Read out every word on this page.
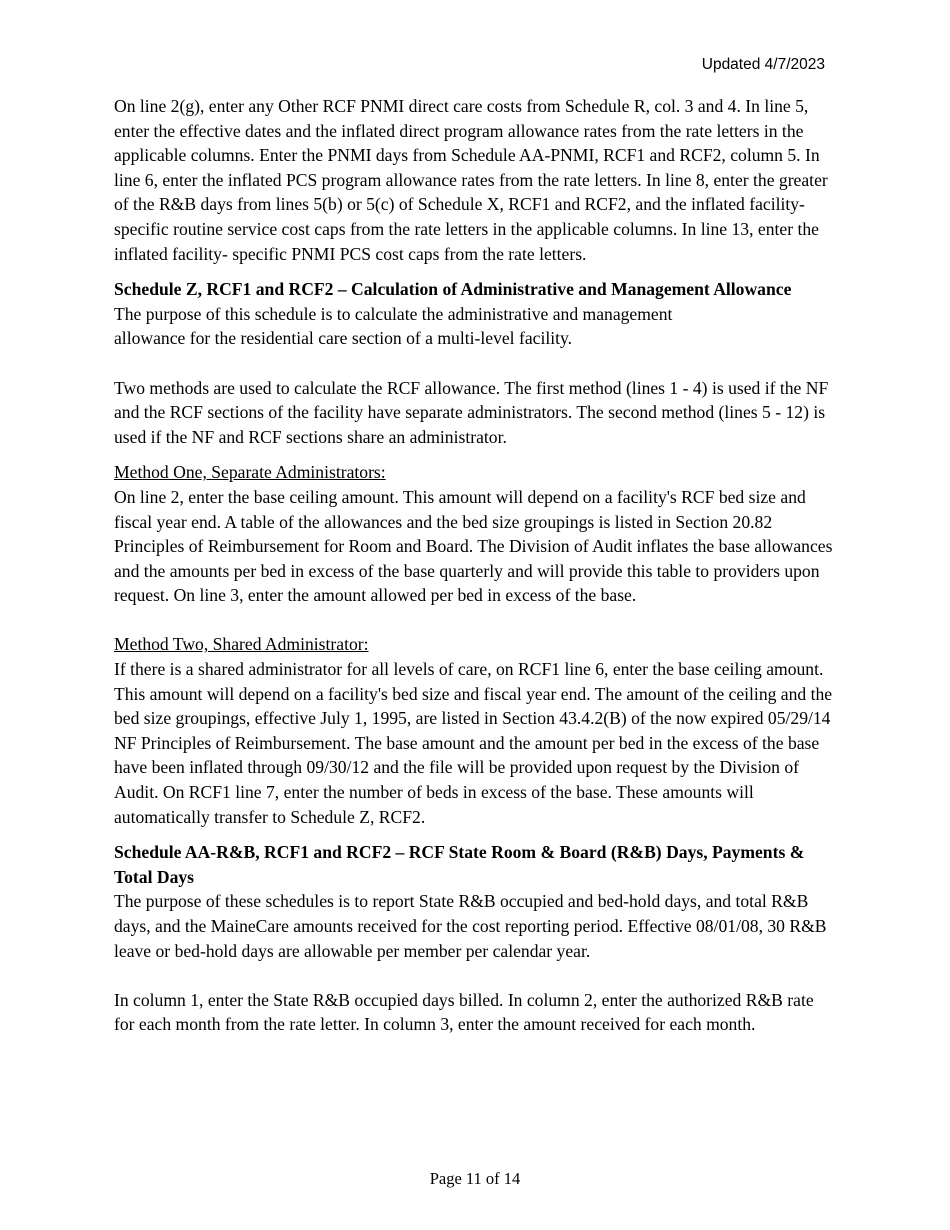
Updated 4/7/2023

On line 2(g), enter any Other RCF PNMI direct care costs from Schedule R, col. 3 and 4. In line 5, enter the effective dates and the inflated direct program allowance rates from the rate letters in the applicable columns. Enter the PNMI days from Schedule AA-PNMI, RCF1 and RCF2, column 5. In line 6, enter the inflated PCS program allowance rates from the rate letters. In line 8, enter the greater of the R&B days from lines 5(b) or 5(c) of Schedule X, RCF1 and RCF2, and the inflated facility-specific routine service cost caps from the rate letters in the applicable columns. In line 13, enter the inflated facility- specific PNMI PCS cost caps from the rate letters.

Schedule Z, RCF1 and RCF2 – Calculation of Administrative and Management Allowance

The purpose of this schedule is to calculate the administrative and management allowance for the residential care section of a multi-level facility.

Two methods are used to calculate the RCF allowance. The first method (lines 1 - 4) is used if the NF and the RCF sections of the facility have separate administrators. The second method (lines 5 - 12) is used if the NF and RCF sections share an administrator.

Method One, Separate Administrators:

On line 2, enter the base ceiling amount. This amount will depend on a facility's RCF bed size and fiscal year end. A table of the allowances and the bed size groupings is listed in Section 20.82 Principles of Reimbursement for Room and Board. The Division of Audit inflates the base allowances and the amounts per bed in excess of the base quarterly and will provide this table to providers upon request. On line 3, enter the amount allowed per bed in excess of the base.

Method Two, Shared Administrator:

If there is a shared administrator for all levels of care, on RCF1 line 6, enter the base ceiling amount. This amount will depend on a facility's bed size and fiscal year end. The amount of the ceiling and the bed size groupings, effective July 1, 1995, are listed in Section 43.4.2(B) of the now expired 05/29/14 NF Principles of Reimbursement. The base amount and the amount per bed in the excess of the base have been inflated through 09/30/12 and the file will be provided upon request by the Division of Audit. On RCF1 line 7, enter the number of beds in excess of the base. These amounts will automatically transfer to Schedule Z, RCF2.

Schedule AA-R&B, RCF1 and RCF2 – RCF State Room & Board (R&B) Days, Payments & Total Days

The purpose of these schedules is to report State R&B occupied and bed-hold days, and total R&B days, and the MaineCare amounts received for the cost reporting period. Effective 08/01/08, 30 R&B leave or bed-hold days are allowable per member per calendar year.

In column 1, enter the State R&B occupied days billed. In column 2, enter the authorized R&B rate for each month from the rate letter. In column 3, enter the amount received for each month.

Page 11 of 14
